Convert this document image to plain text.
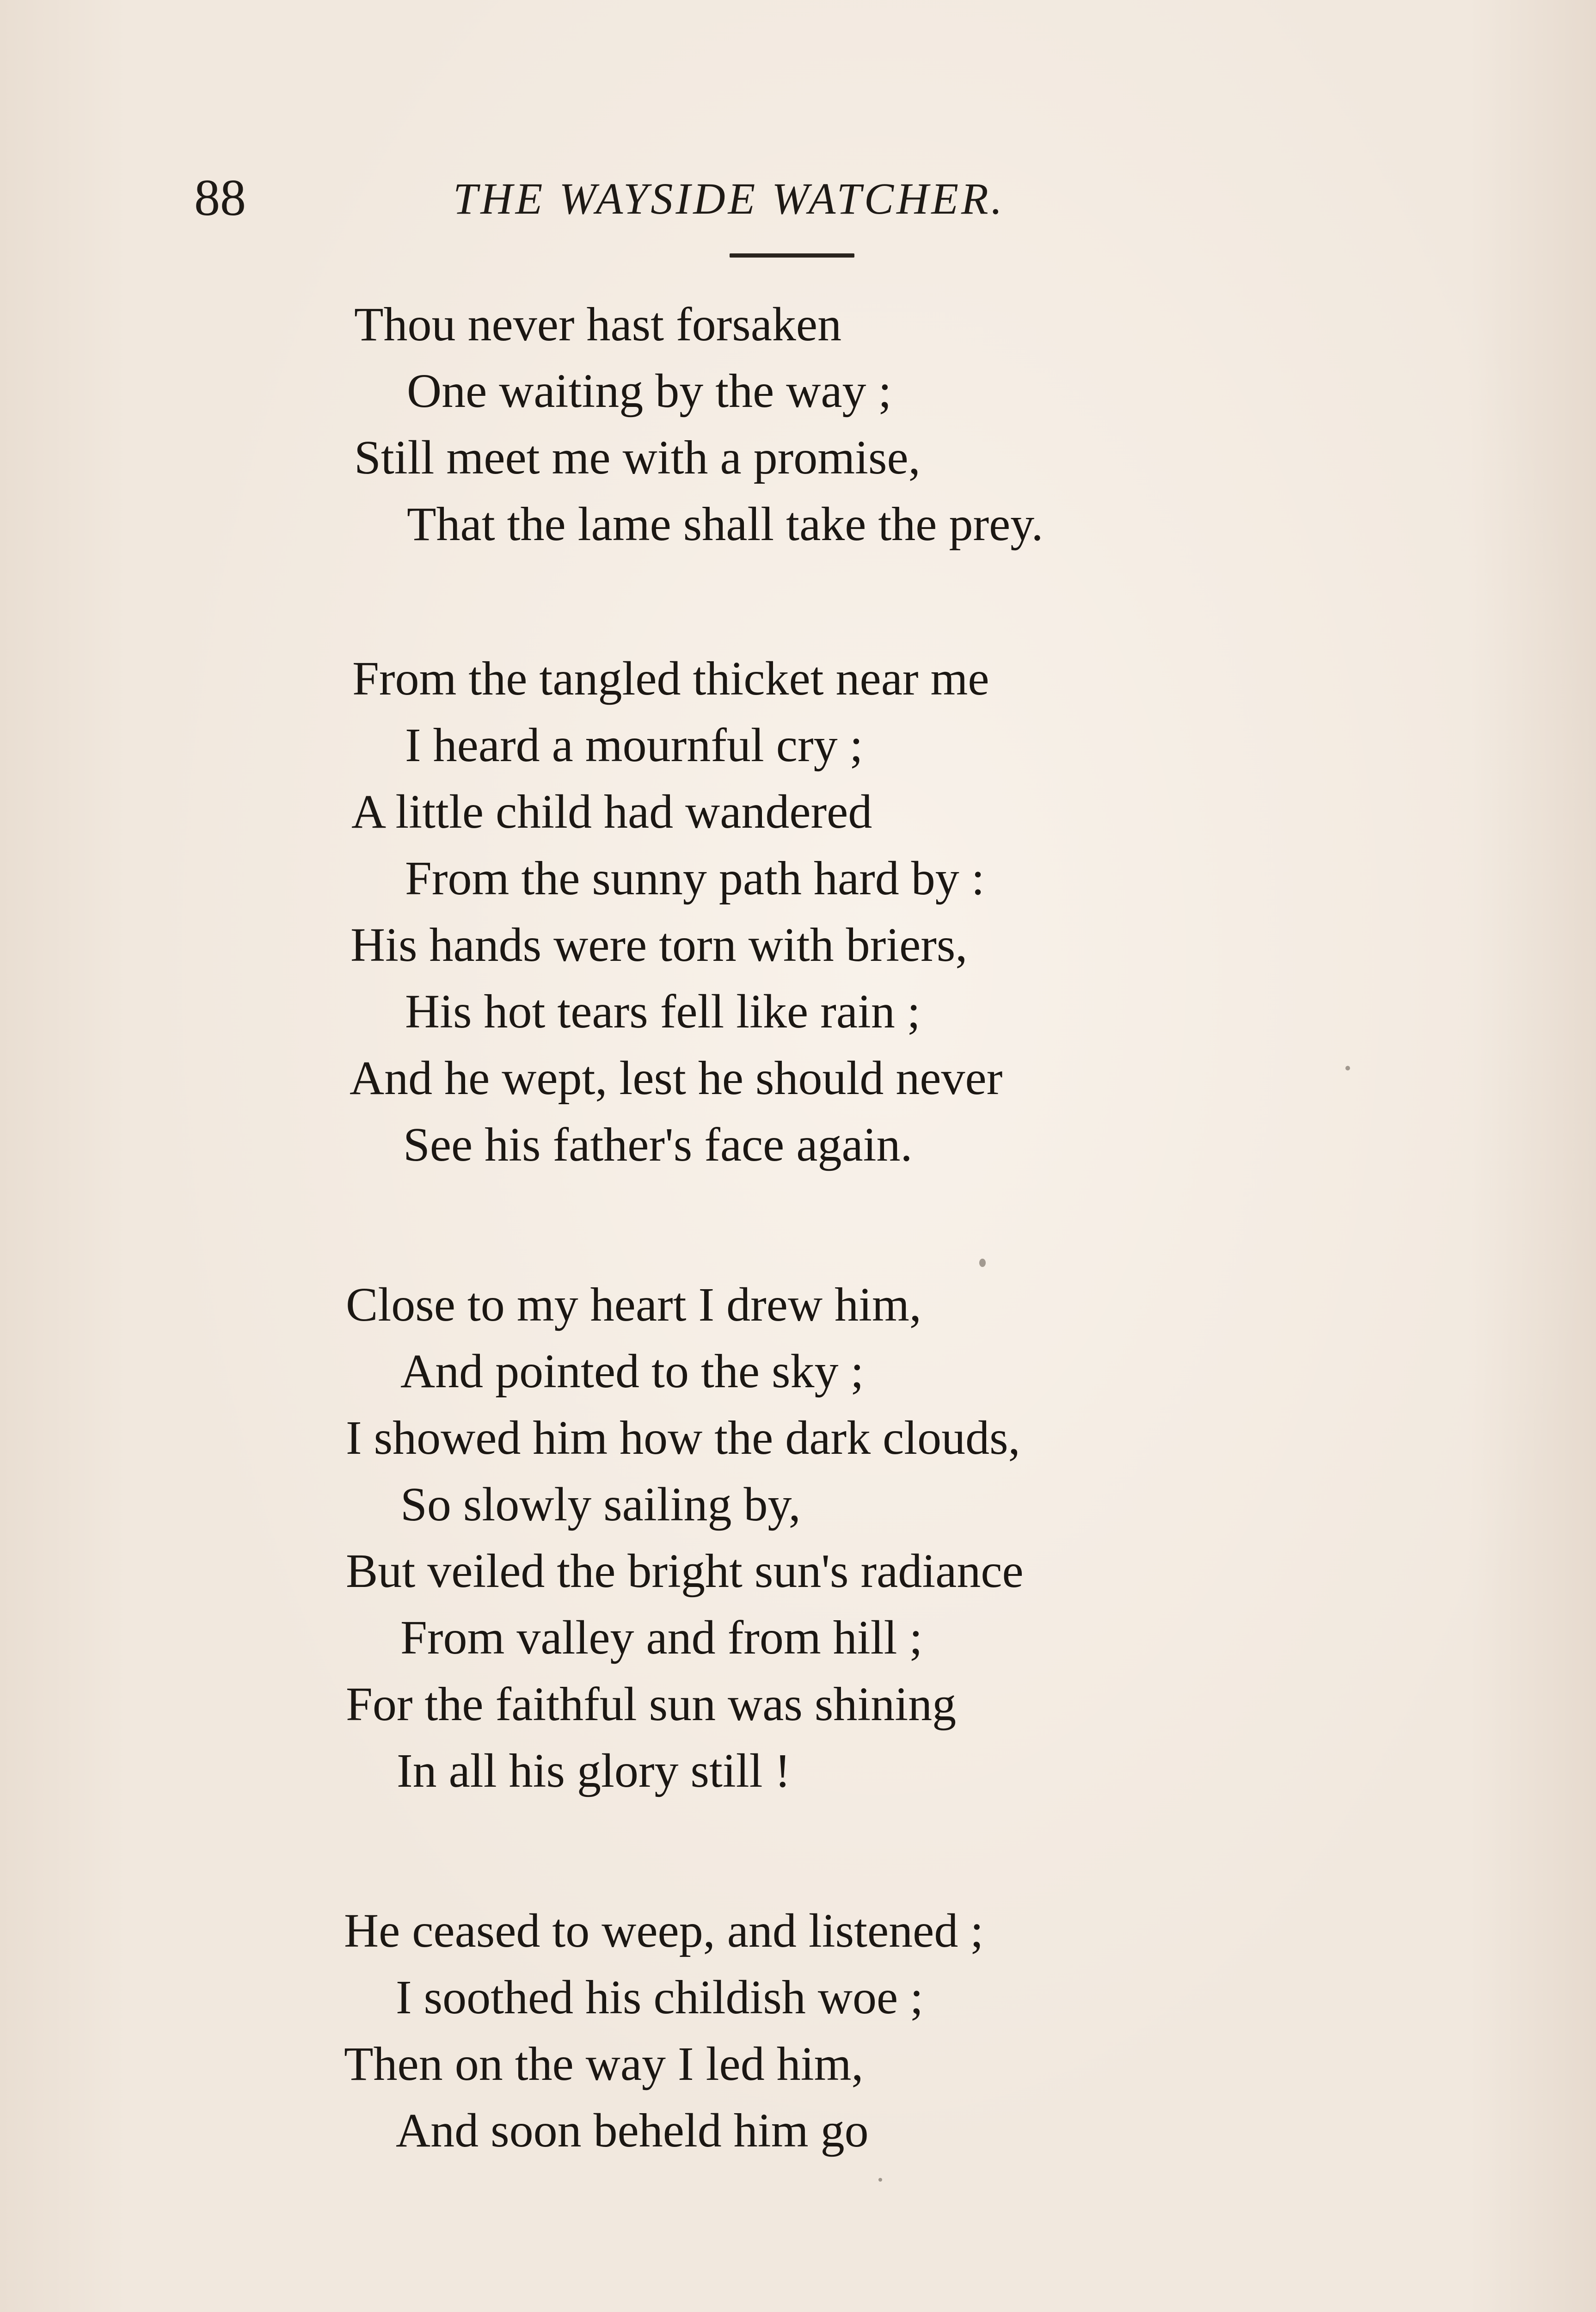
88	THE WAYSIDE WATCHER.
Thou never hast forsaken
One waiting by the way ;
Still meet me with a promise,
That the lame shall take the prey.
From the tangled thicket near me
I heard a mournful cry ;
A little child had wandered
From the sunny path hard by :
His hands were torn with briers,
His hot tears fell like rain ;
And he wept, lest he should never
See his father's face again.
Close to my heart I drew him,
And pointed to the sky ;
I showed him how the dark clouds,
So slowly sailing by,
But veiled the bright sun's radiance
From valley and from hill ;
For the faithful sun was shining
In all his glory still !
He ceased to weep, and listened ;
I soothed his childish woe ;
Then on the way I led him,
And soon beheld him go
